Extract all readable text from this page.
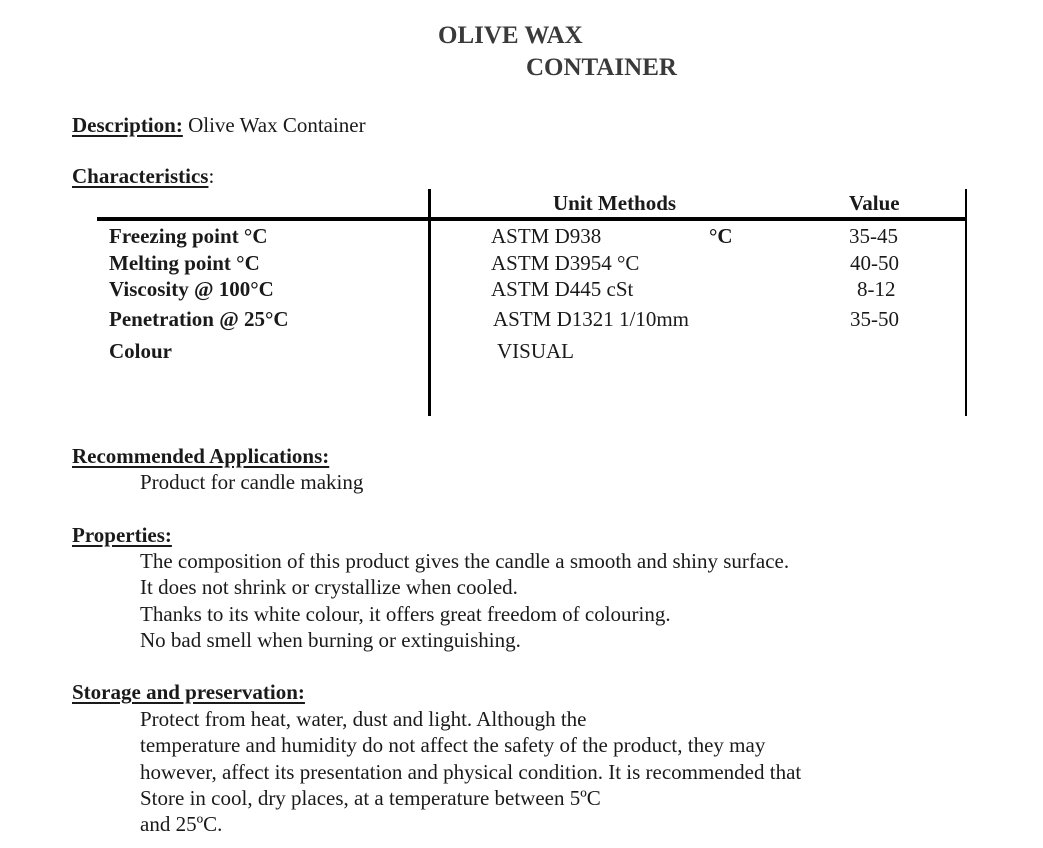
OLIVE WAX
CONTAINER
Description: Olive Wax Container
Characteristics:
Unit Methods	Value
Freezing point °C	ASTM D938	°C	35-45
Melting point °C	ASTM D3954 °C	40-50
Viscosity @ 100°C	ASTM D445 cSt	8-12
Penetration @ 25°C	ASTM D1321 1/10mm	35-50
Colour	VISUAL
Recommended Applications:
Product for candle making
Properties:
The composition of this product gives the candle a smooth and shiny surface.
It does not shrink or crystallize when cooled.
Thanks to its white colour, it offers great freedom of colouring.
No bad smell when burning or extinguishing.
Storage and preservation:
Protect from heat, water, dust and light. Although the
temperature and humidity do not affect the safety of the product, they may
however, affect its presentation and physical condition. It is recommended that
Store in cool, dry places, at a temperature between 5ºC
and 25ºC.
